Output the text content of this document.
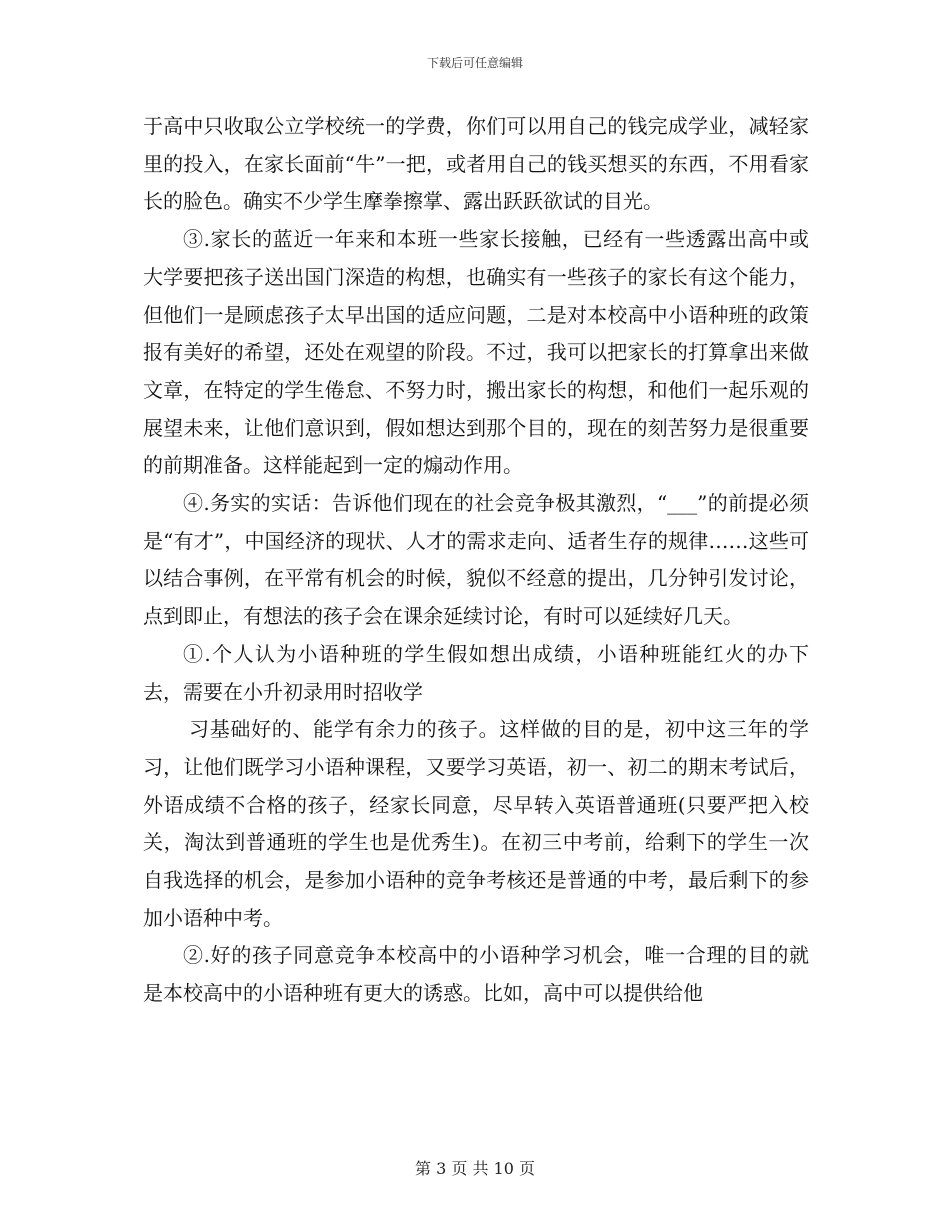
下载后可任意编辑

于高中只收取公立学校统一的学费，你们可以用自己的钱完成学业，减轻家里的投入，在家长面前“牛”一把，或者用自己的钱买想买的东西，不用看家长的脸色。确实不少学生摩拳擦掌、露出跃跃欲试的目光。

③.家长的蓝近一年来和本班一些家长接触，已经有一些透露出高中或大学要把孩子送出国门深造的构想，也确实有一些孩子的家长有这个能力，但他们一是顾虑孩子太早出国的适应问题，二是对本校高中小语种班的政策报有美好的希望，还处在观望的阶段。不过，我可以把家长的打算拿出来做文章，在特定的学生倦怠、不努力时，搬出家长的构想，和他们一起乐观的展望未来，让他们意识到，假如想达到那个目的，现在的刻苦努力是很重要的前期准备。这样能起到一定的煽动作用。

④.务实的实话：告诉他们现在的社会竞争极其激烈，“___”的前提必须是“有才”，中国经济的现状、人才的需求走向、适者生存的规律……这些可以结合事例，在平常有机会的时候，貌似不经意的提出，几分钟引发讨论，点到即止，有想法的孩子会在课余延续讨论，有时可以延续好几天。

①.个人认为小语种班的学生假如想出成绩，小语种班能红火的办下去，需要在小升初录用时招收学

习基础好的、能学有余力的孩子。这样做的目的是，初中这三年的学习，让他们既学习小语种课程，又要学习英语，初一、初二的期末考试后，外语成绩不合格的孩子，经家长同意，尽早转入英语普通班(只要严把入校关，淘汰到普通班的学生也是优秀生)。在初三中考前，给剩下的学生一次自我选择的机会，是参加小语种的竞争考核还是普通的中考，最后剩下的参加小语种中考。

②.好的孩子同意竞争本校高中的小语种学习机会，唯一合理的目的就是本校高中的小语种班有更大的诱惑。比如，高中可以提供给他

第 3 页 共 10 页
